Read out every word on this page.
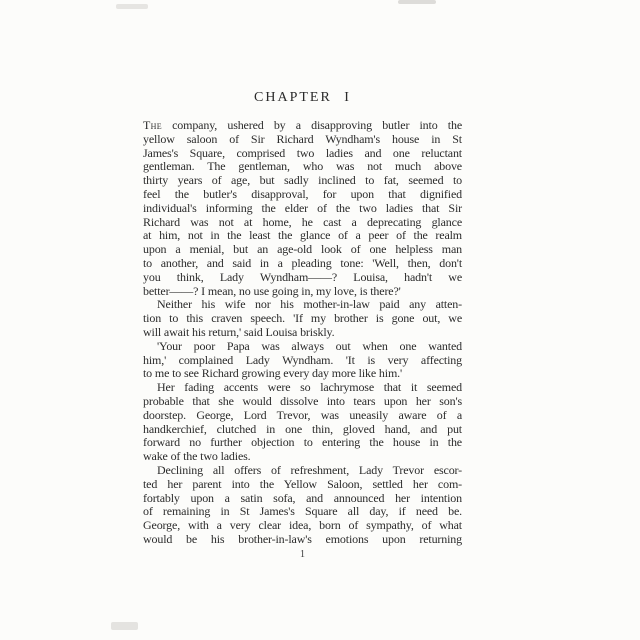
CHAPTER I
The company, ushered by a disapproving butler into the
yellow saloon of Sir Richard Wyndham's house in St
James's Square, comprised two ladies and one reluctant
gentleman. The gentleman, who was not much above
thirty years of age, but sadly inclined to fat, seemed to
feel the butler's disapproval, for upon that dignified
individual's informing the elder of the two ladies that Sir
Richard was not at home, he cast a deprecating glance
at him, not in the least the glance of a peer of the realm
upon a menial, but an age-old look of one helpless man
to another, and said in a pleading tone: 'Well, then, don't
you think, Lady Wyndham——? Louisa, hadn't we
better——? I mean, no use going in, my love, is there?'
Neither his wife nor his mother-in-law paid any atten-
tion to this craven speech. 'If my brother is gone out, we
will await his return,' said Louisa briskly.
'Your poor Papa was always out when one wanted
him,' complained Lady Wyndham. 'It is very affecting
to me to see Richard growing every day more like him.'
Her fading accents were so lachrymose that it seemed
probable that she would dissolve into tears upon her son's
doorstep. George, Lord Trevor, was uneasily aware of a
handkerchief, clutched in one thin, gloved hand, and put
forward no further objection to entering the house in the
wake of the two ladies.
Declining all offers of refreshment, Lady Trevor escor-
ted her parent into the Yellow Saloon, settled her com-
fortably upon a satin sofa, and announced her intention
of remaining in St James's Square all day, if need be.
George, with a very clear idea, born of sympathy, of what
would be his brother-in-law's emotions upon returning
1
